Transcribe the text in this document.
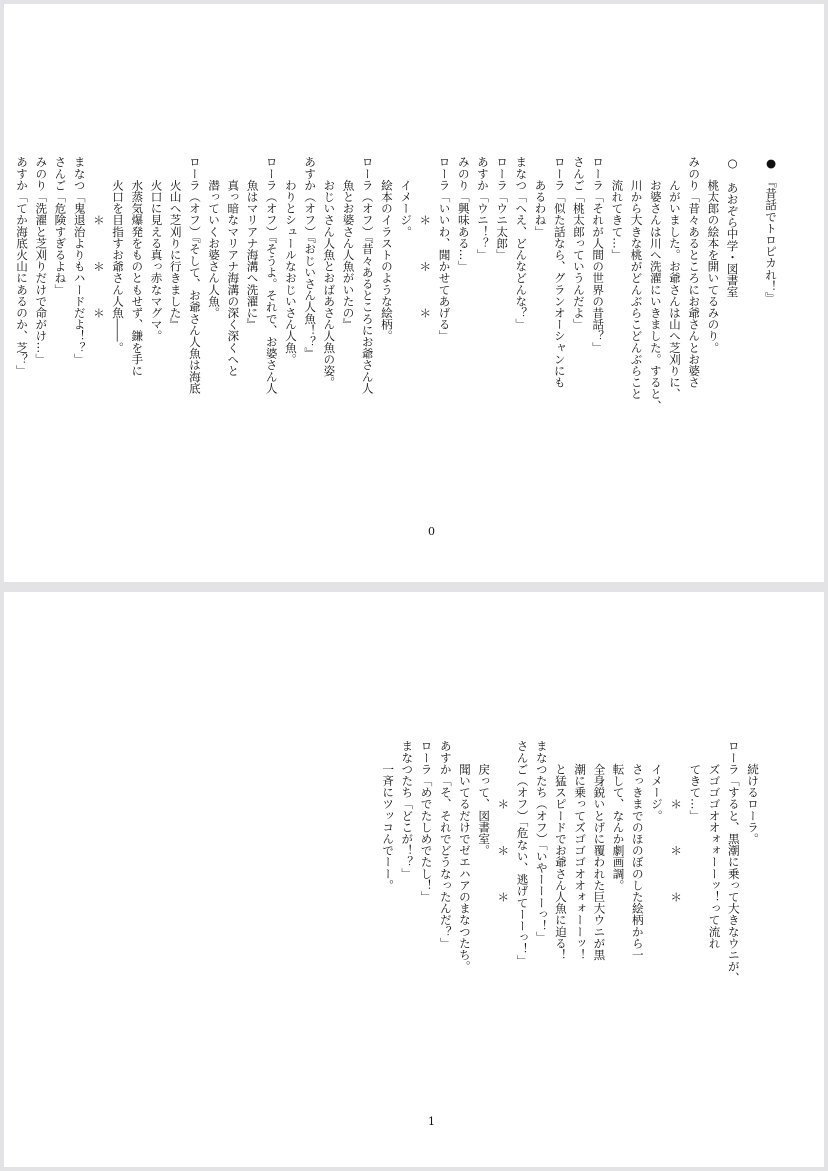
●　『昔話でトロピカれ！』

○　あおぞら中学・図書室
　　桃太郎の絵本を開いてるみのり。
みのり「昔々あるところにお爺さんとお婆さ
　　んがいました。お爺さんは山へ芝刈りに、
　　お婆さんは川へ洗濯にいきました。すると、
　　川から大きな桃がどんぶらこどんぶらこと
　　流れてきて…」
ローラ「それが人間の世界の昔話？」
さんご「桃太郎っていうんだよ」
ローラ「似た話なら、グランオーシャンにも
　　あるわね」
まなつ「へえ、どんなどんな？」
ローラ「ウニ太郎」
あすか「ウニ！？」
みのり「興味ある…」
ローラ「いいわ、聞かせてあげる」
　　　　　＊　　　＊　　　＊
　　イメージ。
　　絵本のイラストのような絵柄。
ローラ（オフ）『昔々あるところにお爺さん人
　　魚とお婆さん人魚がいたの』
　　おじいさん人魚とおばあさん人魚の姿。
あすか（オフ）『おじいさん人魚！？』
　　わりとシュールなおじいさん人魚。
ローラ（オフ）『そうよ。それで、お婆さん人
　　魚はマリアナ海溝へ洗濯に』
　　真っ暗なマリアナ海溝の深く深くへと
　　潜っていくお婆さん人魚。
ローラ（オフ）『そして、お爺さん人魚は海底
　　火山へ芝刈りに行きました』
　　火口に見える真っ赤なマグマ。
　　水蒸気爆発をものともせず、鎌を手に
　　火口を目指すお爺さん人魚――。
　　　　　＊　　　＊　　　＊
まなつ「鬼退治よりもハードだよ！？」
さんご「危険すぎるよね」
みのり「洗濯と芝刈りだけで命がけ…」
あすか「てか海底火山にあるのか、芝？」
0
　　続けるローラ。
ローラ「すると、黒潮に乗って大きなウニが、
　　ズゴゴゴオオォォーーッ！って流れ
　　てきて…」
　　　　　＊　　　＊　　　＊
　　イメージ。
　　さっきまでのほのぼのした絵柄から一
　　転して、なんか劇画調。
　　全身鋭いとげに覆われた巨大ウニが黒
　　潮に乗ってズゴゴゴオオォォーーッ！
　　と猛スピードでお爺さん人魚に迫る！
まなつたち（オフ）「いやーーーっ！」
さんご（オフ）「危ない、逃げてーーっ！」
　　　　　＊　　　＊　　　＊
　　戻って、図書室。
　　聞いてるだけでゼエハアのまなつたち。
あすか「そ、それでどうなったんだ？」
ローラ「めでたしめでたし！」
まなつたち「どこが！？」
　　一斉にツッコんでーー。
1
